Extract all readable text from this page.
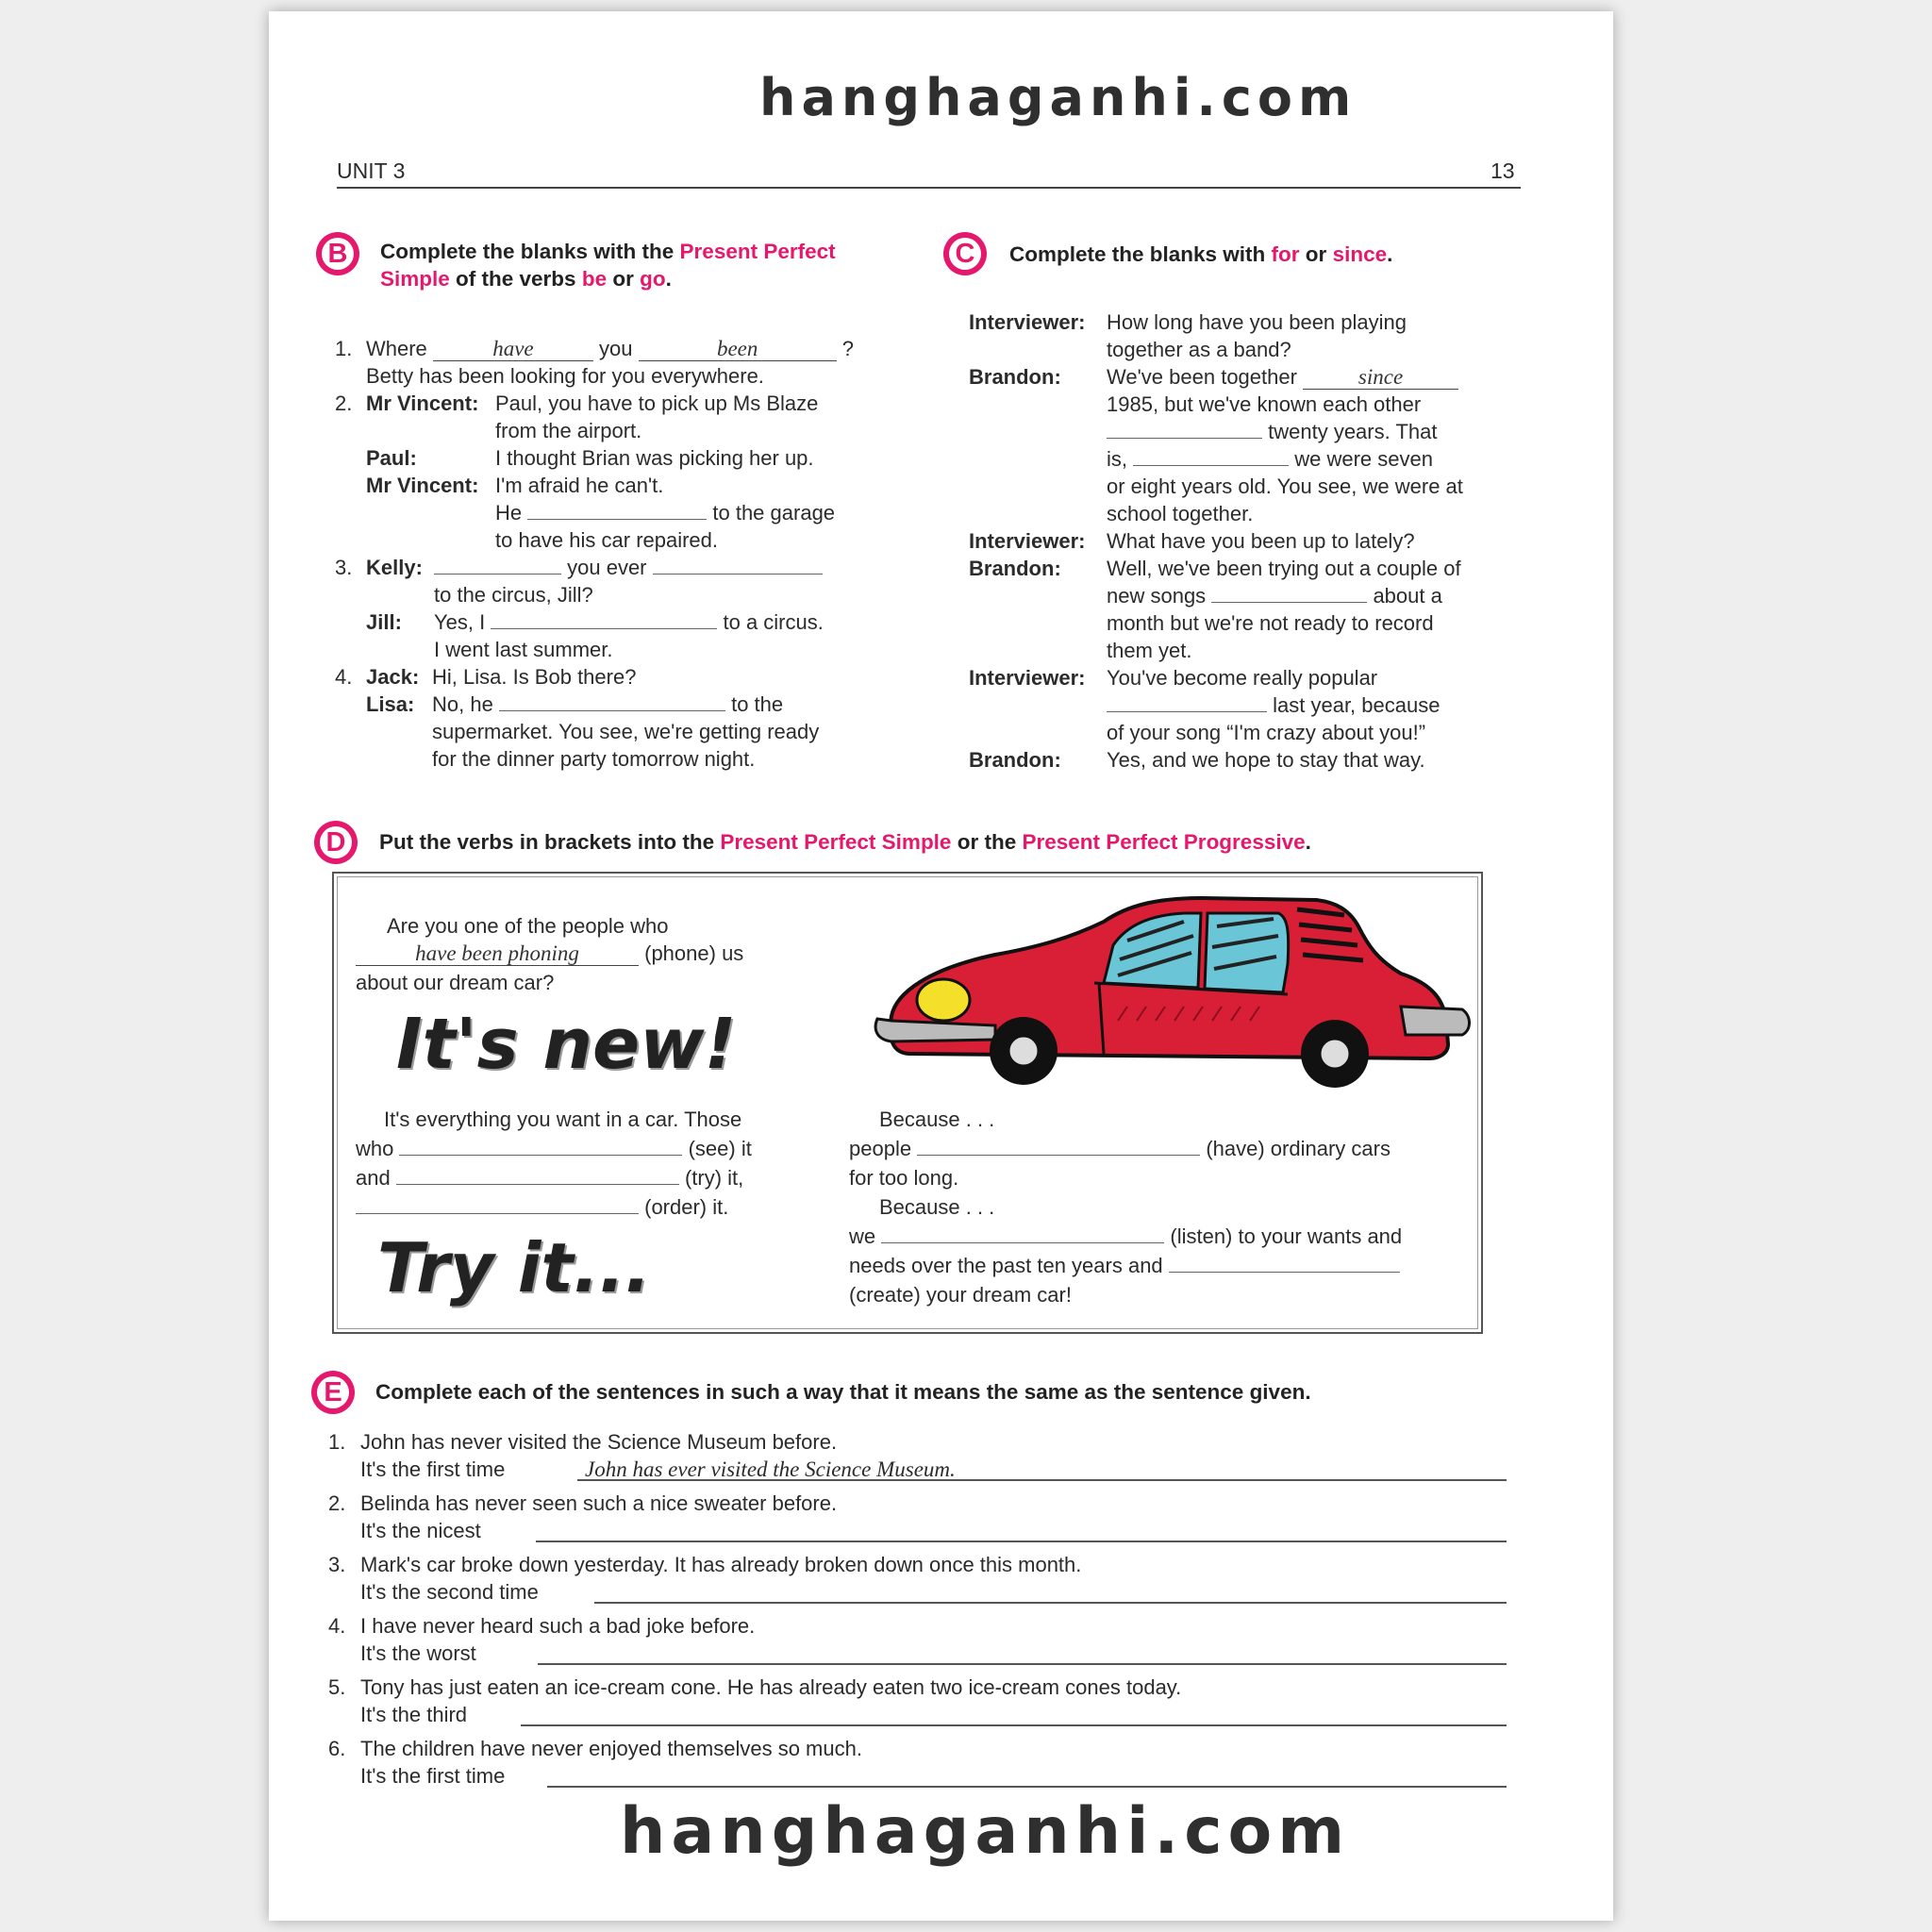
hanghaganhi.com
UNIT 3	13
B Complete the blanks with the Present Perfect
Simple of the verbs be or go.
1. Where	have	you	been	?
Betty has been looking for you everywhere.
2. Mr Vincent: Paul, you have to pick up Ms Blaze
from the airport.
Paul:	I thought Brian was picking her up.
Mr Vincent: I'm afraid he can't.
He	to the garage
to have his car repaired.
3. Kelly:	you ever
to the circus, Jill?
Jill: Yes, I	to a circus.
I went last summer.
4. Jack: Hi, Lisa. Is Bob there?
Lisa: No, he	to the
supermarket. You see, we're getting ready
for the dinner party tomorrow night.
C Complete the blanks with for or since.
Interviewer: How long have you been playing
together as a band?
Brandon: We've been together	since
1985, but we've known each other
twenty years. That
is,	we were seven
or eight years old. You see, we were at
school together.
Interviewer: What have you been up to lately?
Brandon: Well, we've been trying out a couple of
new songs	about a
month but we're not ready to record
them yet.
Interviewer: You've become really popular
last year, because
of your song “I'm crazy about you!”
Brandon: Yes, and we hope to stay that way.
D Put the verbs in brackets into the Present Perfect Simple or the Present Perfect Progressive.
Are you one of the people who
have been phoning	(phone) us
about our dream car?
It's new!
It's everything you want in a car. Those
who	(see) it
and	(try) it,
(order) it.
Try it...
Because . . .
people	(have) ordinary cars
for too long.
Because . . .
we	(listen) to your wants and
needs over the past ten years and
(create) your dream car!
E	Complete each of the sentences in such a way that it means the same as the sentence given.
1. John has never visited the Science Museum before.
It's the first time	John has ever visited the Science Museum.
2. Belinda has never seen such a nice sweater before.
It's the nicest
3. Mark's car broke down yesterday. It has already broken down once this month.
It's the second time
4. I have never heard such a bad joke before.
It's the worst
5. Tony has just eaten an ice-cream cone. He has already eaten two ice-cream cones today.
It's the third
6. The children have never enjoyed themselves so much.
It's the first time
hanghaganhi.com
